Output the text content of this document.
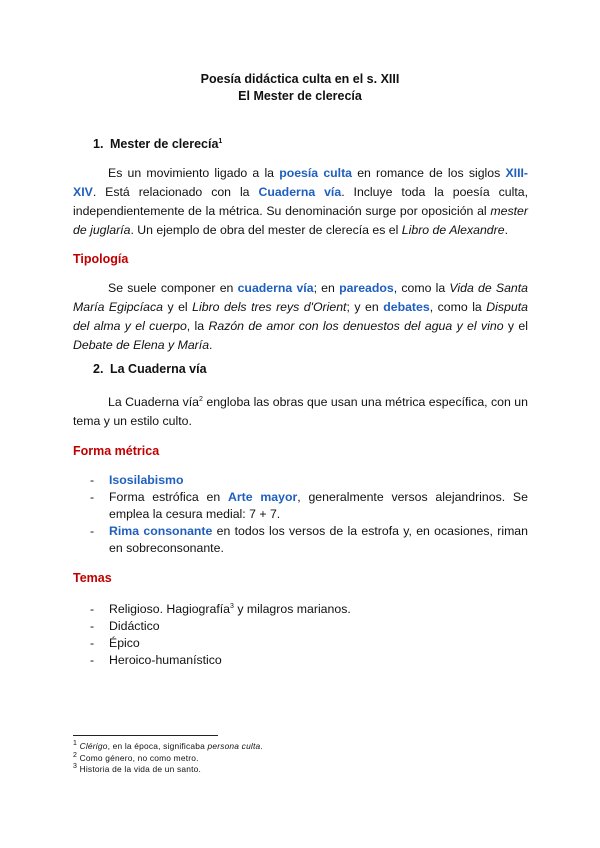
Poesía didáctica culta en el s. XIII
El Mester de clerecía
1. Mester de clerecía$^1$
Es un movimiento ligado a la poesía culta en romance de los siglos XIII-XIV. Está relacionado con la Cuaderna vía. Incluye toda la poesía culta, independientemente de la métrica. Su denominación surge por oposición al mester de juglaría. Un ejemplo de obra del mester de clerecía es el Libro de Alexandre.
Tipología
Se suele componer en cuaderna vía; en pareados, como la Vida de Santa María Egipcíaca y el Libro dels tres reys d'Orient; y en debates, como la Disputa del alma y el cuerpo, la Razón de amor con los denuestos del agua y el vino y el Debate de Elena y María.
2. La Cuaderna vía
La Cuaderna vía$^2$ engloba las obras que usan una métrica específica, con un tema y un estilo culto.
Forma métrica
- Isosilabismo
- Forma estrófica en Arte mayor, generalmente versos alejandrinos. Se emplea la cesura medial: 7 + 7.
- Rima consonante en todos los versos de la estrofa y, en ocasiones, riman en sobreconsonante.
Temas
- Religioso. Hagiografía$^3$ y milagros marianos.
- Didáctico
- Épico
- Heroico-humanístico
$^1$ Clérigo, en la época, significaba persona culta.
$^2$ Como género, no como metro.
$^3$ Historia de la vida de un santo.
